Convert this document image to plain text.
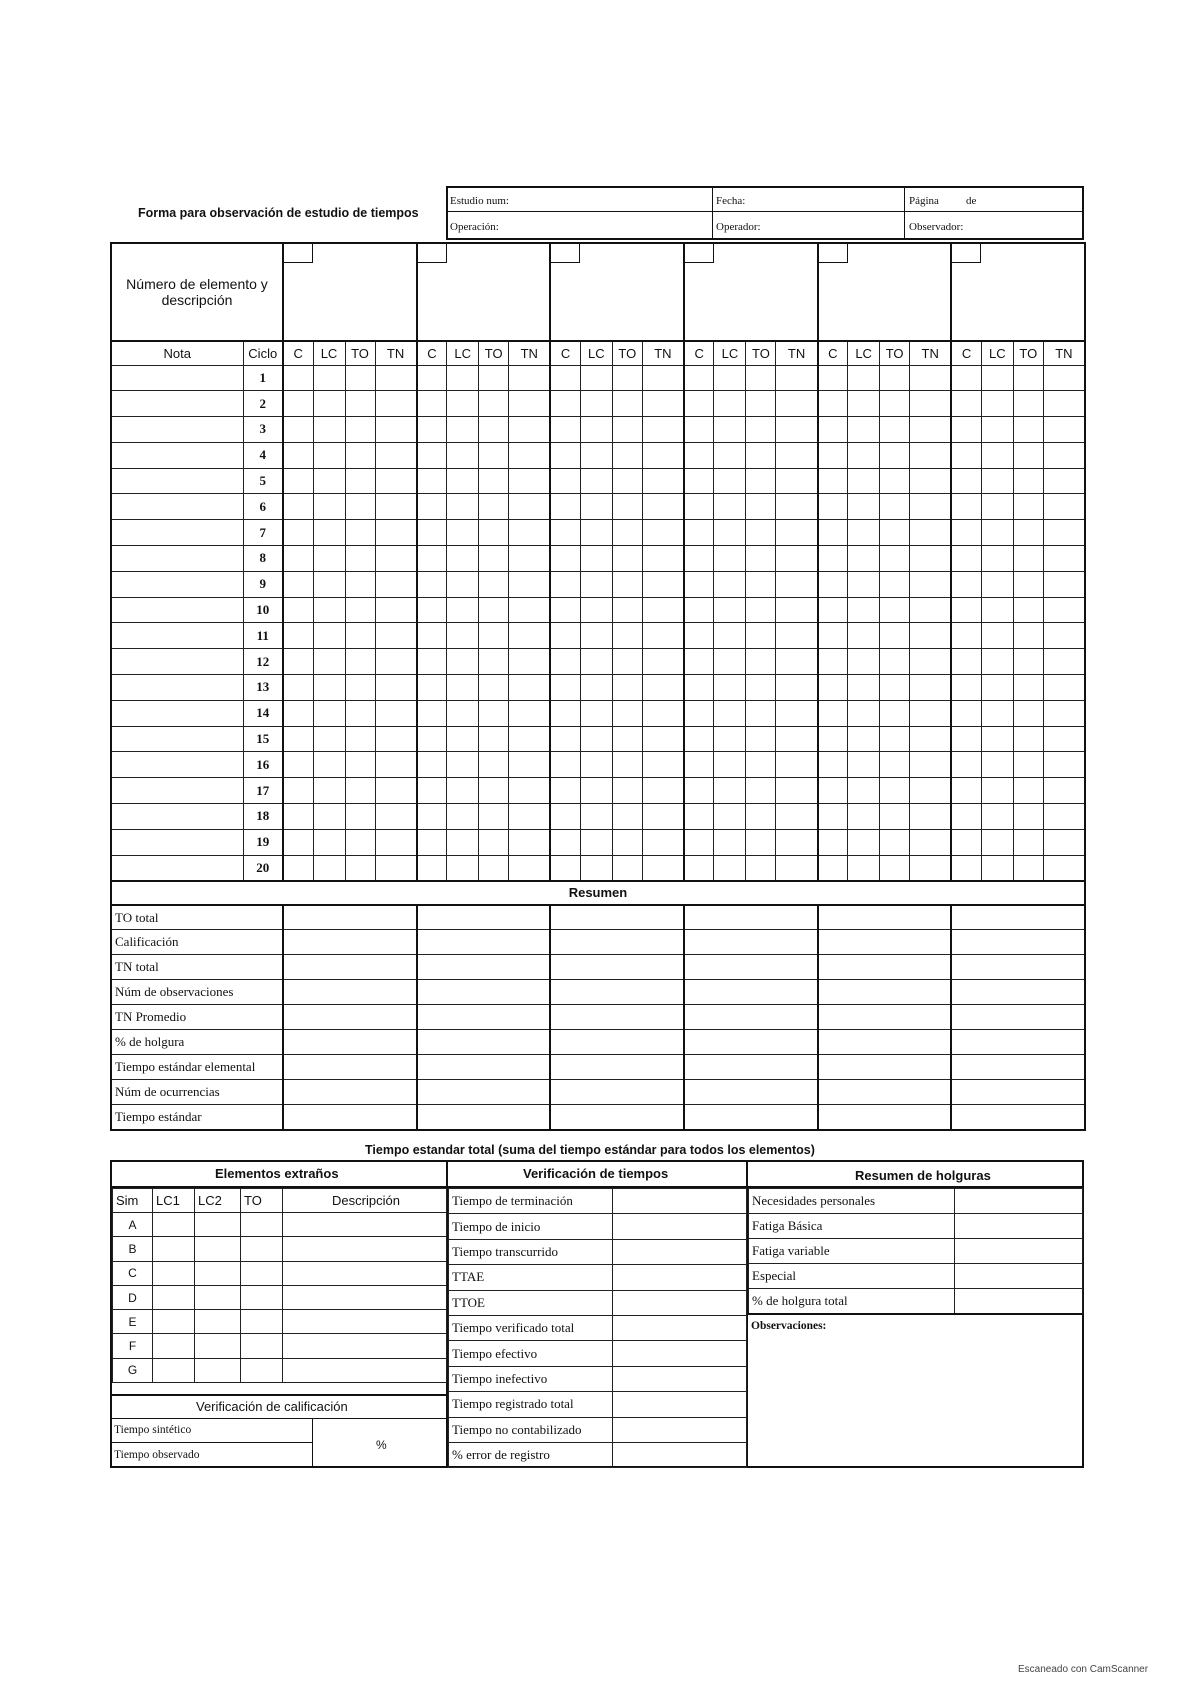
Forma para observación de estudio de tiempos
Estudio num:	Fecha:	Página de
Operación:	Operador:	Observador:
Número de elemento y descripción																				

Nota	Ciclo	C	LC	TO	TN	C	LC	TO	TN	C	LC	TO	TN	C	LC	TO	TN	C	LC	TO	TN	C	LC	TO	TN
	1																								
	2																								
	3																								
	4																								
	5																								
	6																								
	7																								
	8																								
	9																								
	10																								
	11																								
	12																								
	13																								
	14																								
	15																								
	16																								
	17																								
	18																								
	19																								
	20																								
Resumen																									
TO total																									
Calificación																									
TN total																									
Núm de observaciones																									
TN Promedio																									
% de holgura																									
Tiempo estándar elemental																									
Núm de ocurrencias																									
Tiempo estándar																									
Tiempo estandar total (suma del tiempo estándar para todos los elementos)
Elementos extraños
Sim	LC1	LC2	TO	Descripción
A				
B				
C				
D				
E				
F				
G				
Verificación de calificación
Tiempo sintético
Tiempo observado
%
Verificación de tiempos
Tiempo de terminación	
Tiempo de inicio	
Tiempo transcurrido	
TTAE	
TTOE	
Tiempo verificado total	
Tiempo efectivo	
Tiempo inefectivo	
Tiempo registrado total	
Tiempo no contabilizado	
% error de registro	
Resumen de holguras
Necesidades personales	
Fatiga Básica	
Fatiga variable	
Especial	
% de holgura total	
Observaciones:
Escaneado con CamScanner
